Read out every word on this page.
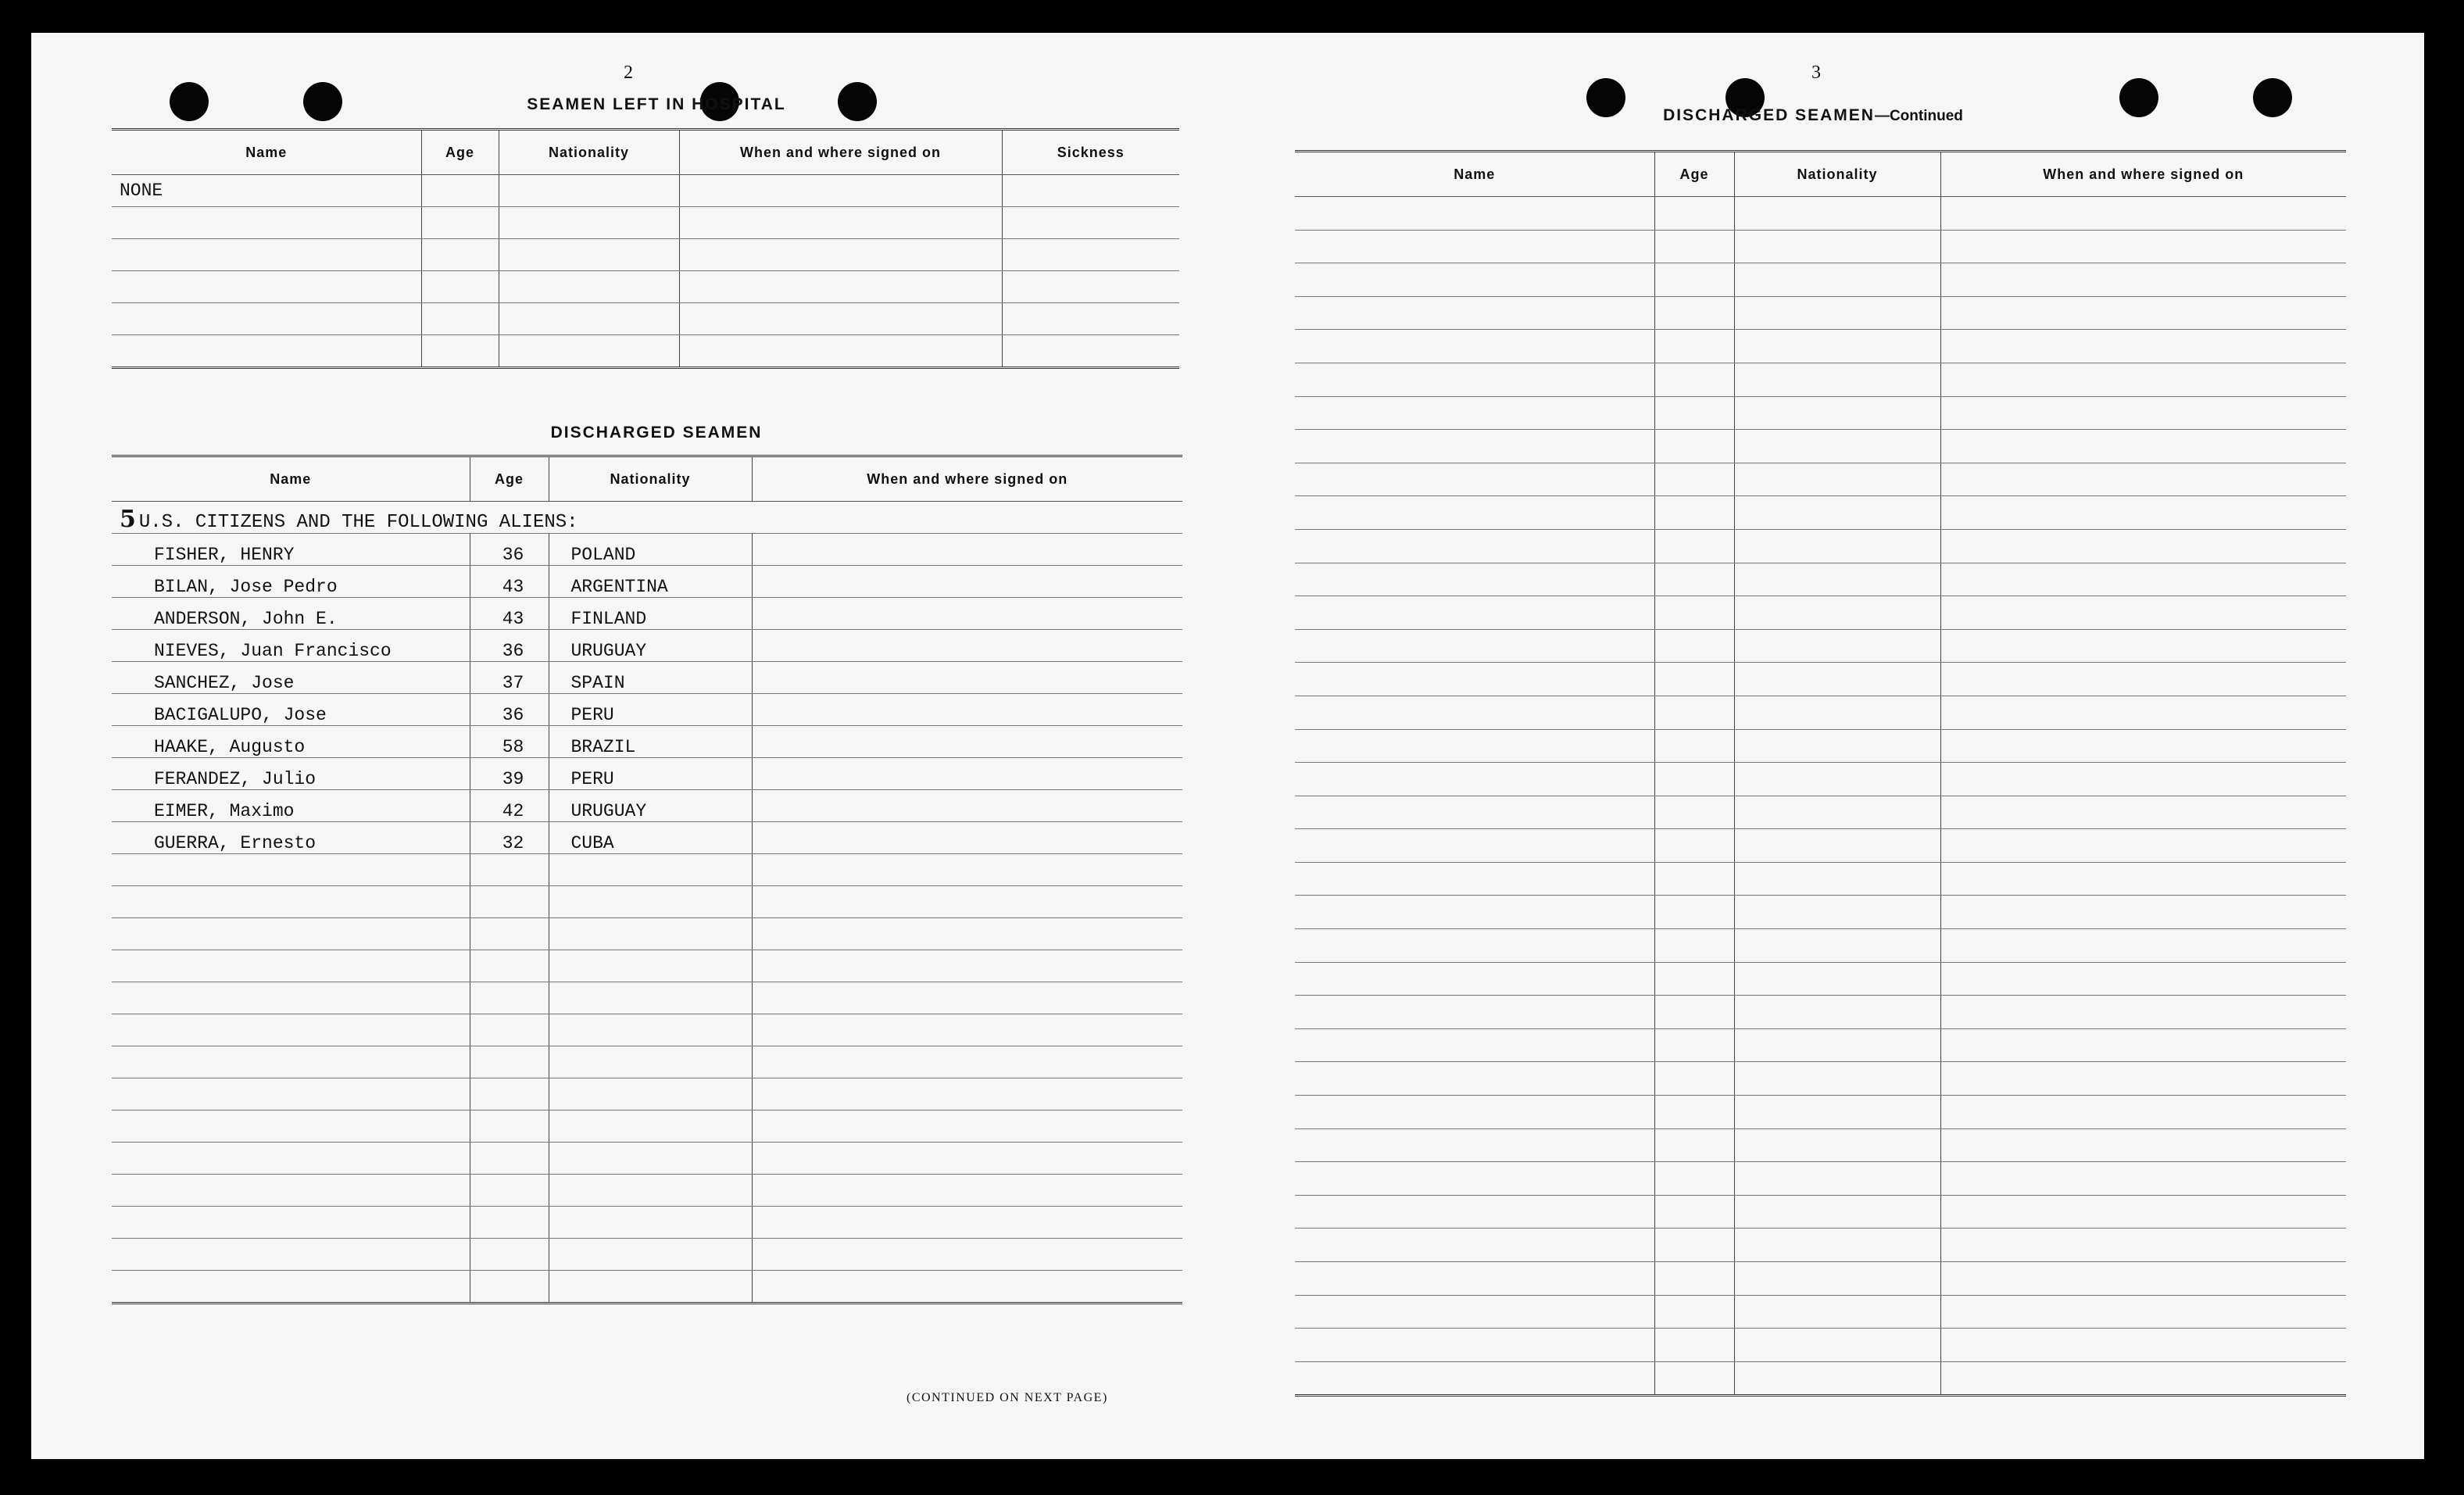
2
SEAMEN LEFT IN HOSPITAL
Name	Age	Nationality	When and where signed on	Sickness
NONE				

DISCHARGED SEAMEN
Name	Age	Nationality	When and where signed on
5 U.S. CITIZENS AND THE FOLLOWING ALIENS:			
FISHER, HENRY	36	POLAND	
BILAN, Jose Pedro	43	ARGENTINA	
ANDERSON, John E.	43	FINLAND	
NIEVES, Juan Francisco	36	URUGUAY	
SANCHEZ, Jose	37	SPAIN	
BACIGALUPO, Jose	36	PERU	
HAAKE, Augusto	58	BRAZIL	
FERANDEZ, Julio	39	PERU	
EIMER, Maximo	42	URUGUAY	
GUERRA, Ernesto	32	CUBA	

(CONTINUED ON NEXT PAGE)
3
DISCHARGED SEAMEN—Continued
Name	Age	Nationality	When and where signed on
